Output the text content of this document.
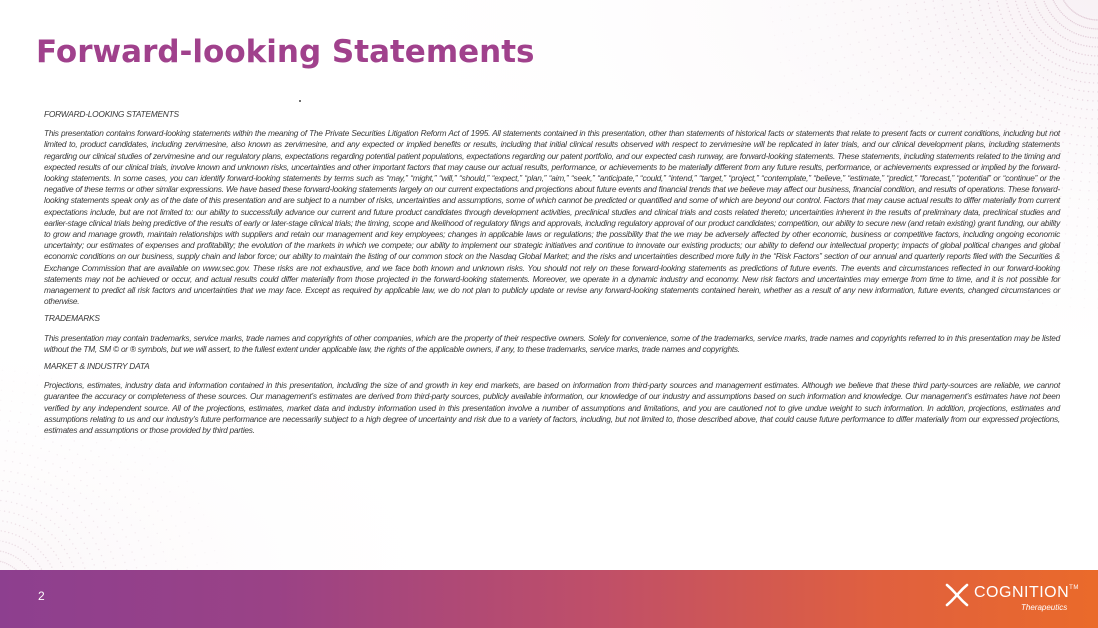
Forward-looking Statements

FORWARD-LOOKING STATEMENTS

This presentation contains forward-looking statements within the meaning of The Private Securities Litigation Reform Act of 1995. All statements contained in this presentation, other than statements of historical facts or statements that relate to present facts or current conditions, including but not limited to, product candidates, including zervimesine, also known as zervimesine, and any expected or implied benefits or results, including that initial clinical results observed with respect to zervimesine will be replicated in later trials, and our clinical development plans, including statements regarding our clinical studies of zervimesine and our regulatory plans, expectations regarding potential patient populations, expectations regarding our patent portfolio, and our expected cash runway, are forward-looking statements. These statements, including statements related to the timing and expected results of our clinical trials, involve known and unknown risks, uncertainties and other important factors that may cause our actual results, performance, or achievements to be materially different from any future results, performance, or achievements expressed or implied by the forward-looking statements. In some cases, you can identify forward-looking statements by terms such as “may,” “might,” “will,” “should,” “expect,” “plan,” “aim,” “seek,” “anticipate,” “could,” “intend,” “target,” “project,” “contemplate,” “believe,” “estimate,” “predict,” “forecast,” “potential” or “continue” or the negative of these terms or other similar expressions. We have based these forward-looking statements largely on our current expectations and projections about future events and financial trends that we believe may affect our business, financial condition, and results of operations. These forward-looking statements speak only as of the date of this presentation and are subject to a number of risks, uncertainties and assumptions, some of which cannot be predicted or quantified and some of which are beyond our control. Factors that may cause actual results to differ materially from current expectations include, but are not limited to: our ability to successfully advance our current and future product candidates through development activities, preclinical studies and clinical trials and costs related thereto; uncertainties inherent in the results of preliminary data, preclinical studies and earlier-stage clinical trials being predictive of the results of early or later-stage clinical trials; the timing, scope and likelihood of regulatory filings and approvals, including regulatory approval of our product candidates; competition, our ability to secure new (and retain existing) grant funding, our ability to grow and manage growth, maintain relationships with suppliers and retain our management and key employees; changes in applicable laws or regulations; the possibility that the we may be adversely affected by other economic, business or competitive factors, including ongoing economic uncertainty; our estimates of expenses and profitability; the evolution of the markets in which we compete; our ability to implement our strategic initiatives and continue to innovate our existing products; our ability to defend our intellectual property; impacts of global political changes and global economic conditions on our business, supply chain and labor force; our ability to maintain the listing of our common stock on the Nasdaq Global Market; and the risks and uncertainties described more fully in the “Risk Factors” section of our annual and quarterly reports filed with the Securities & Exchange Commission that are available on www.sec.gov. These risks are not exhaustive, and we face both known and unknown risks. You should not rely on these forward-looking statements as predictions of future events. The events and circumstances reflected in our forward-looking statements may not be achieved or occur, and actual results could differ materially from those projected in the forward-looking statements. Moreover, we operate in a dynamic industry and economy. New risk factors and uncertainties may emerge from time to time, and it is not possible for management to predict all risk factors and uncertainties that we may face. Except as required by applicable law, we do not plan to publicly update or revise any forward-looking statements contained herein, whether as a result of any new information, future events, changed circumstances or otherwise.

TRADEMARKS

This presentation may contain trademarks, service marks, trade names and copyrights of other companies, which are the property of their respective owners. Solely for convenience, some of the trademarks, service marks, trade names and copyrights referred to in this presentation may be listed without the TM, SM © or ® symbols, but we will assert, to the fullest extent under applicable law, the rights of the applicable owners, if any, to these trademarks, service marks, trade names and copyrights.

MARKET & INDUSTRY DATA

Projections, estimates, industry data and information contained in this presentation, including the size of and growth in key end markets, are based on information from third-party sources and management estimates. Although we believe that these third party-sources are reliable, we cannot guarantee the accuracy or completeness of these sources. Our management’s estimates are derived from third-party sources, publicly available information, our knowledge of our industry and assumptions based on such information and knowledge. Our management’s estimates have not been verified by any independent source. All of the projections, estimates, market data and industry information used in this presentation involve a number of assumptions and limitations, and you are cautioned not to give undue weight to such information. In addition, projections, estimates and assumptions relating to us and our industry’s future performance are necessarily subject to a high degree of uncertainty and risk due to a variety of factors, including, but not limited to, those described above, that could cause future performance to differ materially from our expressed projections, estimates and assumptions or those provided by third parties.

2	COGNITION™
Therapeutics
